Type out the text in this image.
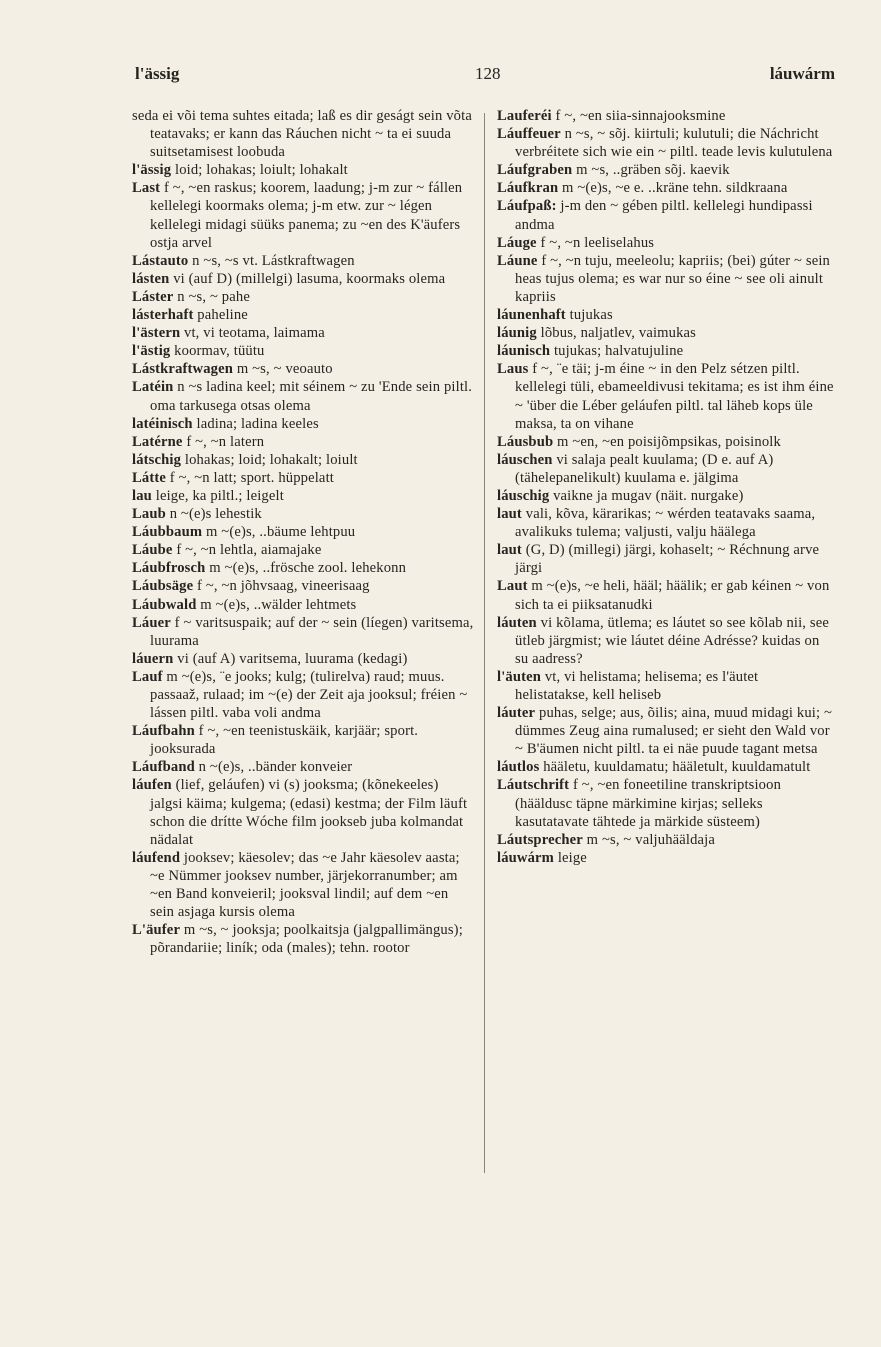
l'ässig	128	láuwárm

seda ei või tema suhtes eitada; laß es dir geságt sein võta teatavaks; er kann das Ráuchen nicht ~ ta ei suuda suitsetamisest loobuda

l'ässig loid; lohakas; loiult; lohakalt

Last f ~, ~en raskus; koorem, laadung; j-m zur ~ fállen kellelegi koormaks olema; j-m etw. zur ~ légen kellelegi midagi süüks panema; zu ~en des K'äufers ostja arvel

Lástauto n ~s, ~s vt. Lástkraftwagen

lásten vi (auf D) (millelgi) lasuma, koormaks olema

Láster n ~s, ~ pahe

lásterhaft paheline

l'ästern vt, vi teotama, laimama

l'ästig koormav, tüütu

Lástkraftwagen m ~s, ~ veoauto

Latéin n ~s ladina keel; mit séinem ~ zu 'Ende sein piltl. oma tarkusega otsas olema

latéinisch ladina; ladina keeles

Latérne f ~, ~n latern

látschig lohakas; loid; lohakalt; loiult

Látte f ~, ~n latt; sport. hüppelatt

lau leige, ka piltl.; leigelt

Laub n ~(e)s lehestik

Láubbaum m ~(e)s, ..bäume lehtpuu

Láube f ~, ~n lehtla, aiamajake

Láubfrosch m ~(e)s, ..frösche zool. lehekonn

Láubsäge f ~, ~n jõhvsaag, vineerisaag

Láubwald m ~(e)s, ..wälder lehtmets

Láuer f ~ varitsuspaik; auf der ~ sein (líegen) varitsema, luurama

láuern vi (auf A) varitsema, luurama (kedagi)

Lauf m ~(e)s, ¨e jooks; kulg; (tulirelva) raud; muus. passaaž, rulaad; im ~(e) der Zeit aja jooksul; fréien ~ lássen piltl. vaba voli andma

Láufbahn f ~, ~en teenistuskäik, karjäär; sport. jooksurada

Láufband n ~(e)s, ..bänder konveier

láufen (lief, geláufen) vi (s) jooksma; (kõnekeeles) jalgsi käima; kulgema; (edasi) kestma; der Film läuft schon die drítte Wóche film jookseb juba kolmandat nädalat

láufend jooksev; käesolev; das ~e Jahr käesolev aasta; ~e Nümmer jooksev number, järjekorranumber; am ~en Band konveieril; jooksval lindil; auf dem ~en sein asjaga kursis olema

L'äufer m ~s, ~ jooksja; poolkaitsja (jalgpallimängus); põrandariie; liník; oda (males); tehn. rootor

Lauferéi f ~, ~en siia-sinnajooksmine

Láuffeuer n ~s, ~ sõj. kiirtuli; kulutuli; die Náchricht verbréitete sich wie ein ~ piltl. teade levis kulutulena

Láufgraben m ~s, ..gräben sõj. kaevik

Láufkran m ~(e)s, ~e e. ..kräne tehn. sildkraana

Láufpaß: j-m den ~ gében piltl. kellelegi hundipassi andma

Láuge f ~, ~n leeliselahus

Láune f ~, ~n tuju, meeleolu; kapriis; (bei) gúter ~ sein heas tujus olema; es war nur so éine ~ see oli ainult kapriis

láunenhaft tujukas

láunig lõbus, naljatlev, vaimukas

láunisch tujukas; halvatujuline

Laus f ~, ¨e täi; j-m éine ~ in den Pelz sétzen piltl. kellelegi tüli, ebameeldivusi tekitama; es ist ihm éine ~ 'über die Léber geláufen piltl. tal läheb kops üle maksa, ta on vihane

Láusbub m ~en, ~en poisijõmpsikas, poisinolk

láuschen vi salaja pealt kuulama; (D e. auf A) (tähelepanelikult) kuulama e. jälgima

láuschig vaikne ja mugav (näit. nurgake)

laut vali, kõva, kärarikas; ~ wérden teatavaks saama, avalikuks tulema; valjusti, valju häälega

laut (G, D) (millegi) järgi, kohaselt; ~ Réchnung arve järgi

Laut m ~(e)s, ~e heli, hääl; häälik; er gab kéinen ~ von sich ta ei piiksatanudki

láuten vi kõlama, ütlema; es láutet so see kõlab nii, see ütleb järgmist; wie láutet déine Adrésse? kuidas on su aadress?

l'äuten vt, vi helistama; helisema; es l'äutet helistatakse, kell heliseb

láuter puhas, selge; aus, õilis; aina, muud midagi kui; ~ dümmes Zeug aina rumalused; er sieht den Wald vor ~ B'äumen nicht piltl. ta ei näe puude tagant metsa

láutlos hääletu, kuuldamatu; hääletult, kuuldamatult

Láutschrift f ~, ~en foneetiline transkriptsioon (hääldusc täpne märkimine kirjas; selleks kasutatavate tähtede ja märkide süsteem)

Láutsprecher m ~s, ~ valjuhääldaja

láuwárm leige
